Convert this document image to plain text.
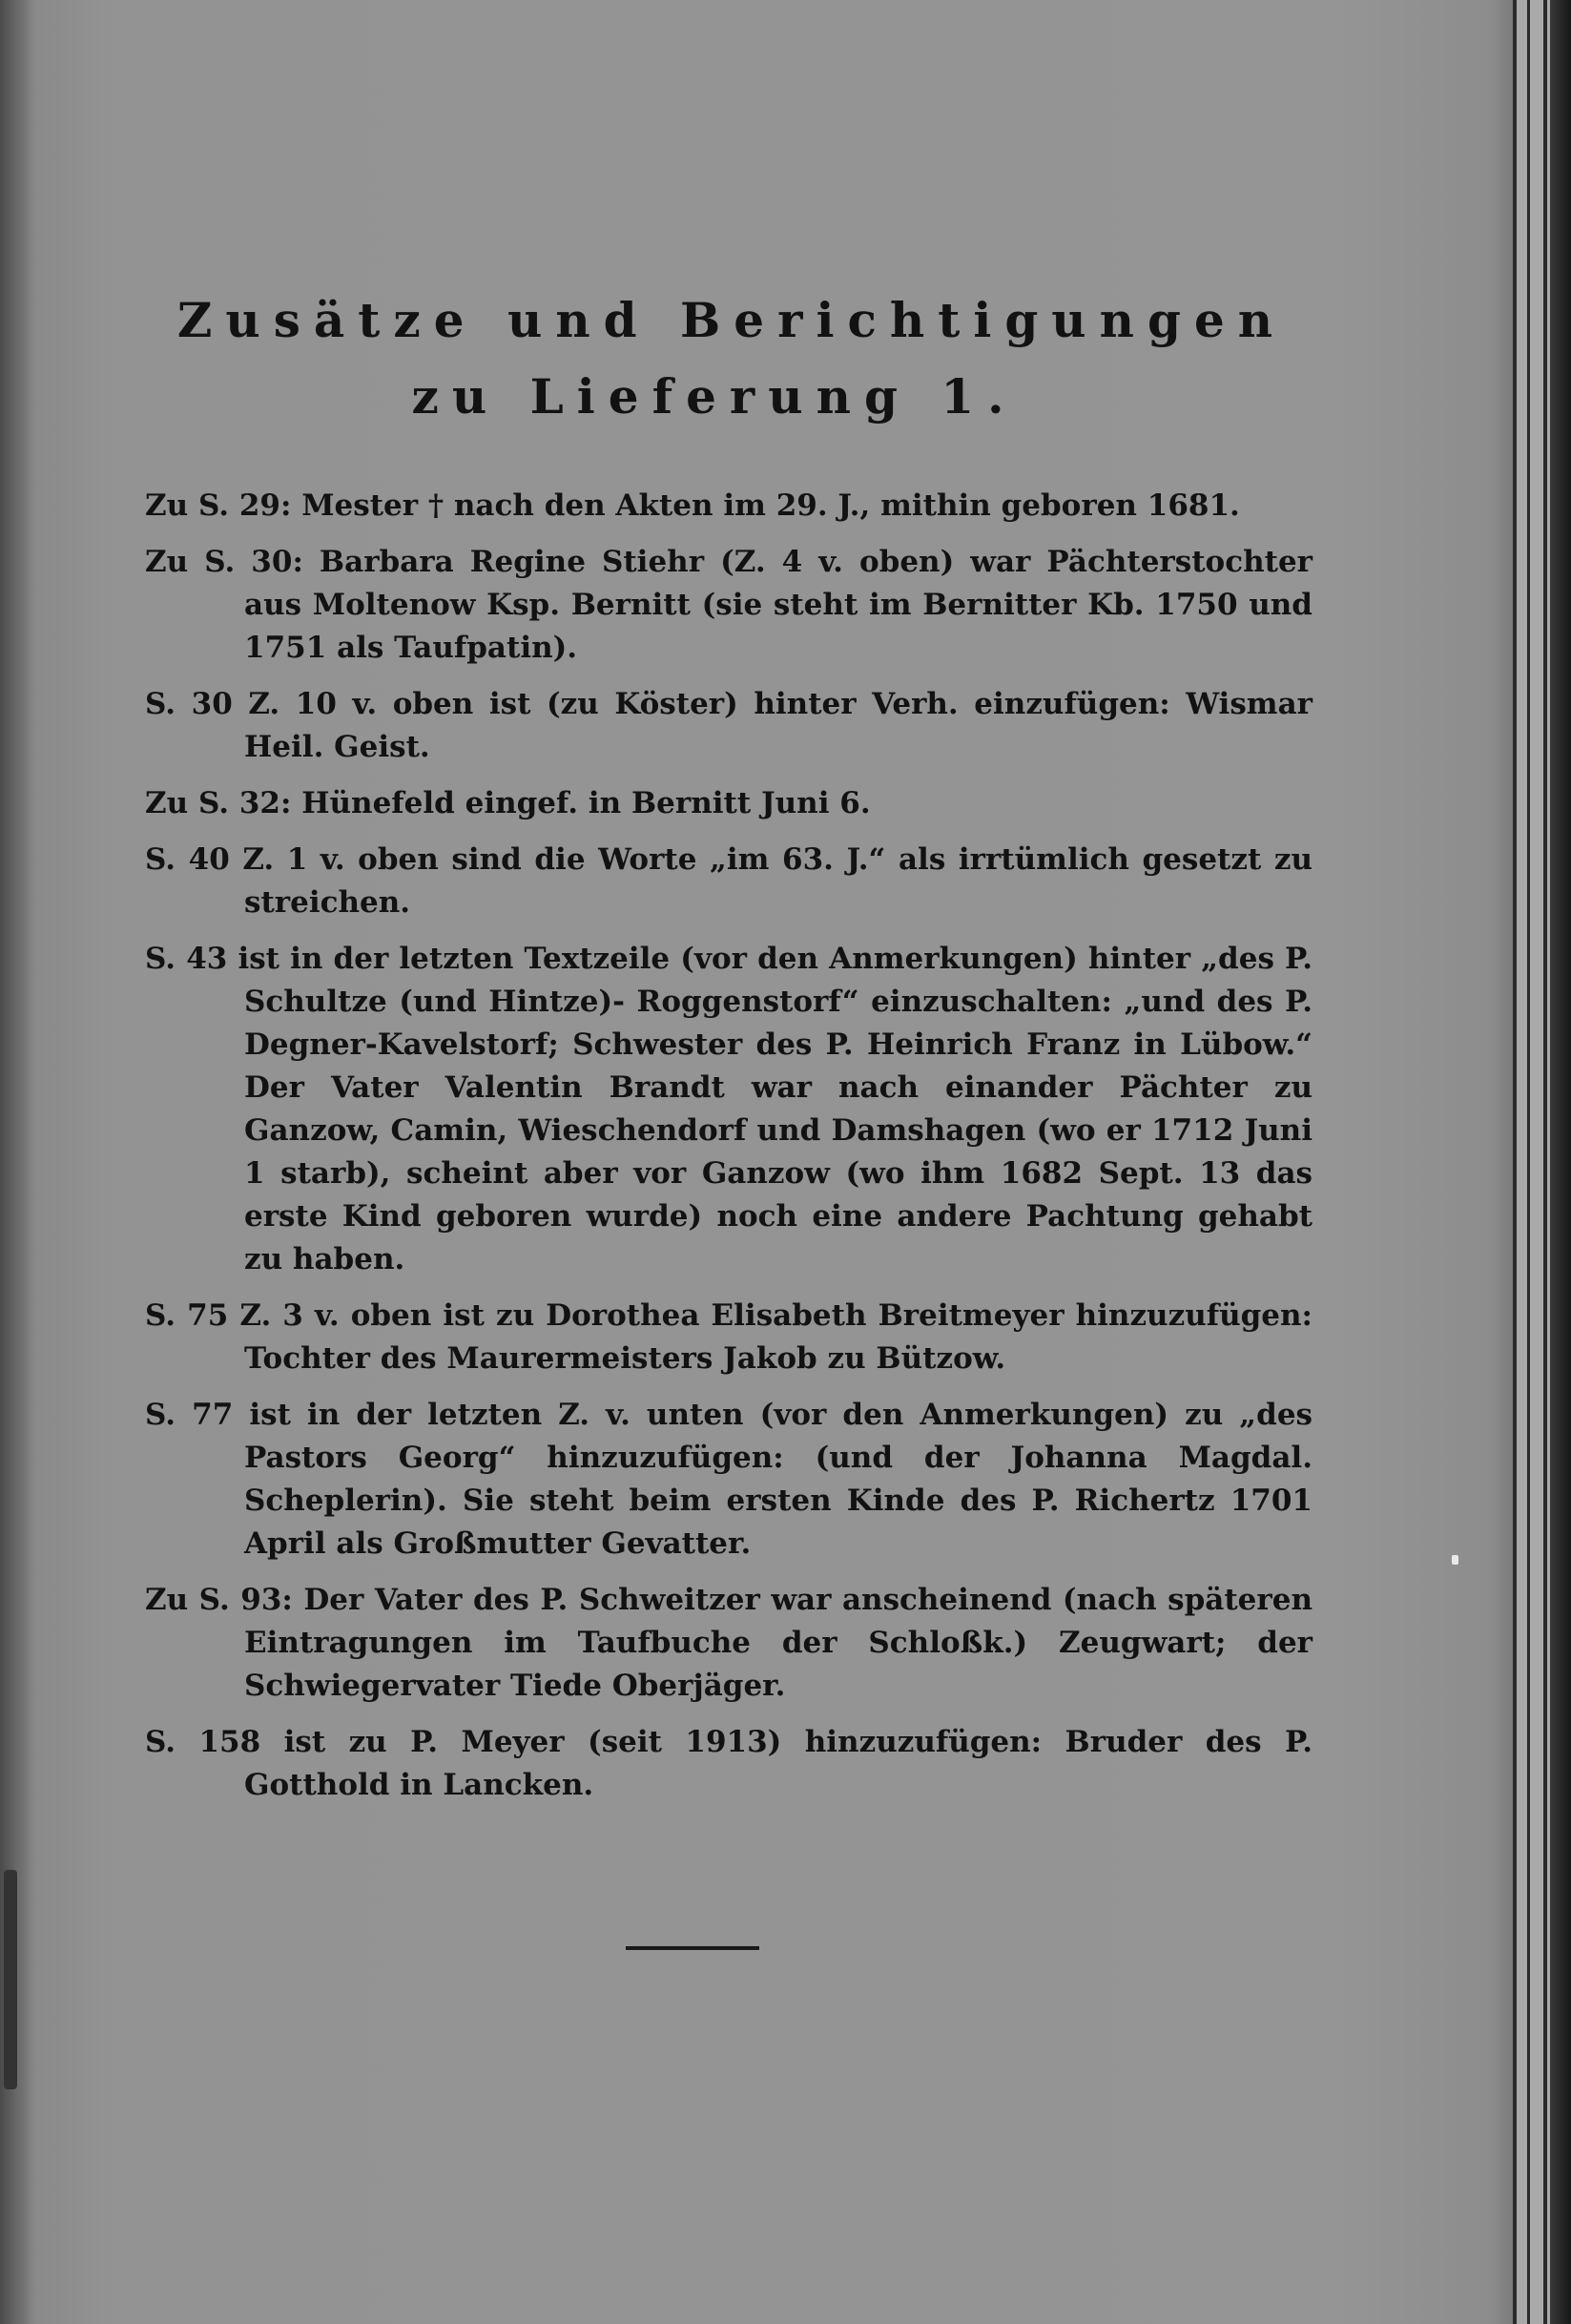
Zusätze und Berichtigungen
zu Lieferung 1.
Zu S. 29: Mester † nach den Akten im 29. J., mithin geboren 1681.
Zu S. 30: Barbara Regine Stiehr (Z. 4 v. oben) war Pächterstochter aus Moltenow Ksp. Bernitt (sie steht im Bernitter Kb. 1750 und 1751 als Taufpatin).
S. 30 Z. 10 v. oben ist (zu Köster) hinter Verh. einzufügen: Wismar Heil. Geist.
Zu S. 32: Hünefeld eingef. in Bernitt Juni 6.
S. 40 Z. 1 v. oben sind die Worte „im 63. J.“ als irrtümlich gesetzt zu streichen.
S. 43 ist in der letzten Textzeile (vor den Anmerkungen) hinter „des P. Schultze (und Hintze)- Roggenstorf“ einzuschalten: „und des P. Degner-Kavelstorf; Schwester des P. Heinrich Franz in Lübow.“ Der Vater Valentin Brandt war nach einander Pächter zu Ganzow, Camin, Wieschendorf und Damshagen (wo er 1712 Juni 1 starb), scheint aber vor Ganzow (wo ihm 1682 Sept. 13 das erste Kind geboren wurde) noch eine andere Pachtung gehabt zu haben.
S. 75 Z. 3 v. oben ist zu Dorothea Elisabeth Breitmeyer hinzuzufügen: Tochter des Maurermeisters Jakob zu Bützow.
S. 77 ist in der letzten Z. v. unten (vor den Anmerkungen) zu „des Pastors Georg“ hinzuzufügen: (und der Johanna Magdal. Scheplerin). Sie steht beim ersten Kinde des P. Richertz 1701 April als Großmutter Gevatter.
Zu S. 93: Der Vater des P. Schweitzer war anscheinend (nach späteren Eintragungen im Taufbuche der Schloßk.) Zeugwart; der Schwiegervater Tiede Oberjäger.
S. 158 ist zu P. Meyer (seit 1913) hinzuzufügen: Bruder des P. Gotthold in Lancken.
